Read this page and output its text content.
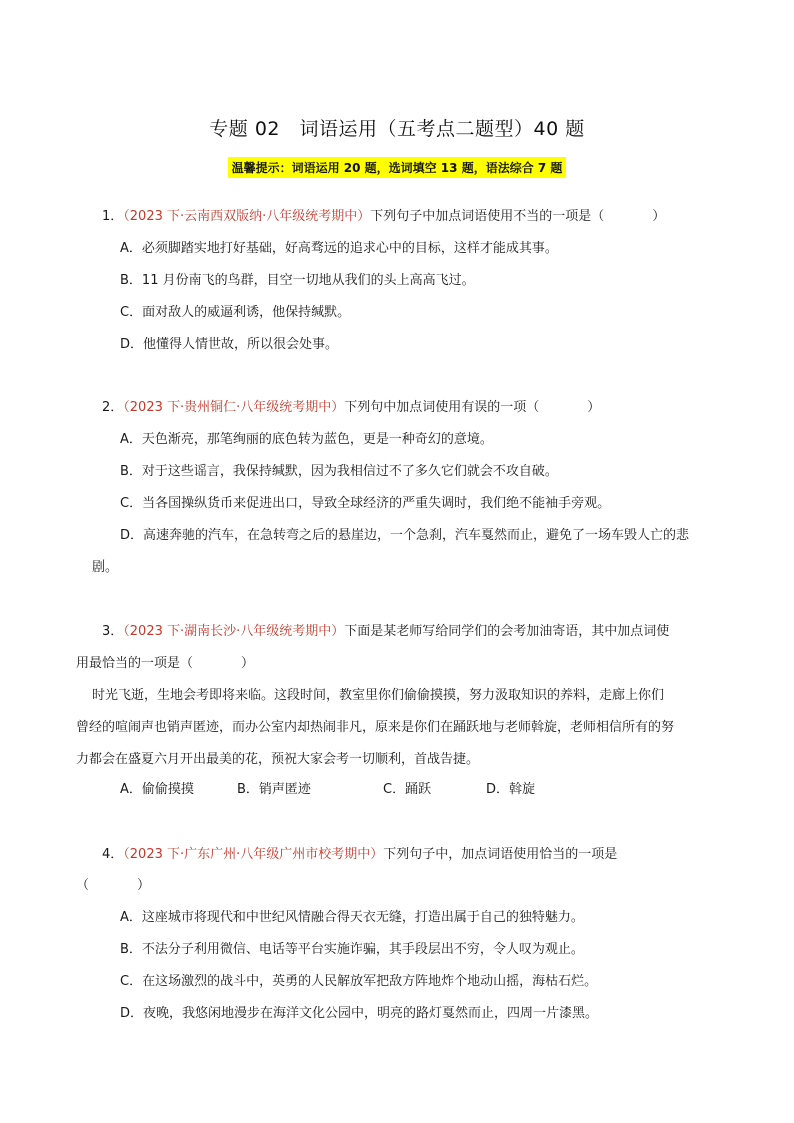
专题 02　词语运用（五考点二题型）40 题
温馨提示：词语运用 20 题，选词填空 13 题，语法综合 7 题
1．（2023 下·云南西双版纳·八年级统考期中）下列句子中加点词语使用不当的一项是（	）
A．必须脚踏实地打好基础，好高骛远的追求心中的目标，这样才能成其事。
B．11 月份南飞的鸟群，目空一切地从我们的头上高高飞过。
C．面对敌人的威逼利诱，他保持缄默。
D．他懂得人情世故，所以很会处事。
2．（2023 下·贵州铜仁·八年级统考期中）下列句中加点词使用有误的一项（	）
A．天色渐亮，那笔绚丽的底色转为蓝色，更是一种奇幻的意境。
B．对于这些谣言，我保持缄默，因为我相信过不了多久它们就会不攻自破。
C．当各国操纵货币来促进出口，导致全球经济的严重失调时，我们绝不能袖手旁观。
D．高速奔驰的汽车，在急转弯之后的悬崖边，一个急刹，汽车戛然而止，避免了一场车毁人亡的悲
剧。
3．（2023 下·湖南长沙·八年级统考期中）下面是某老师写给同学们的会考加油寄语，其中加点词使
用最恰当的一项是（	）
时光飞逝，生地会考即将来临。这段时间，教室里你们偷偷摸摸，努力汲取知识的养料，走廊上你们
曾经的喧闹声也销声匿迹，而办公室内却热闹非凡，原来是你们在踊跃地与老师斡旋，老师相信所有的努
力都会在盛夏六月开出最美的花，预祝大家会考一切顺利，首战告捷。
A．偷偷摸摸	B．销声匿迹	C．踊跃	D．斡旋
4．（2023 下·广东广州·八年级广州市校考期中）下列句子中，加点词语使用恰当的一项是
（	）
A．这座城市将现代和中世纪风情融合得天衣无缝，打造出属于自己的独特魅力。
B．不法分子利用微信、电话等平台实施诈骗，其手段层出不穷，令人叹为观止。
C．在这场激烈的战斗中，英勇的人民解放军把敌方阵地炸个地动山摇，海枯石烂。
D．夜晚，我悠闲地漫步在海洋文化公园中，明亮的路灯戛然而止，四周一片漆黑。
